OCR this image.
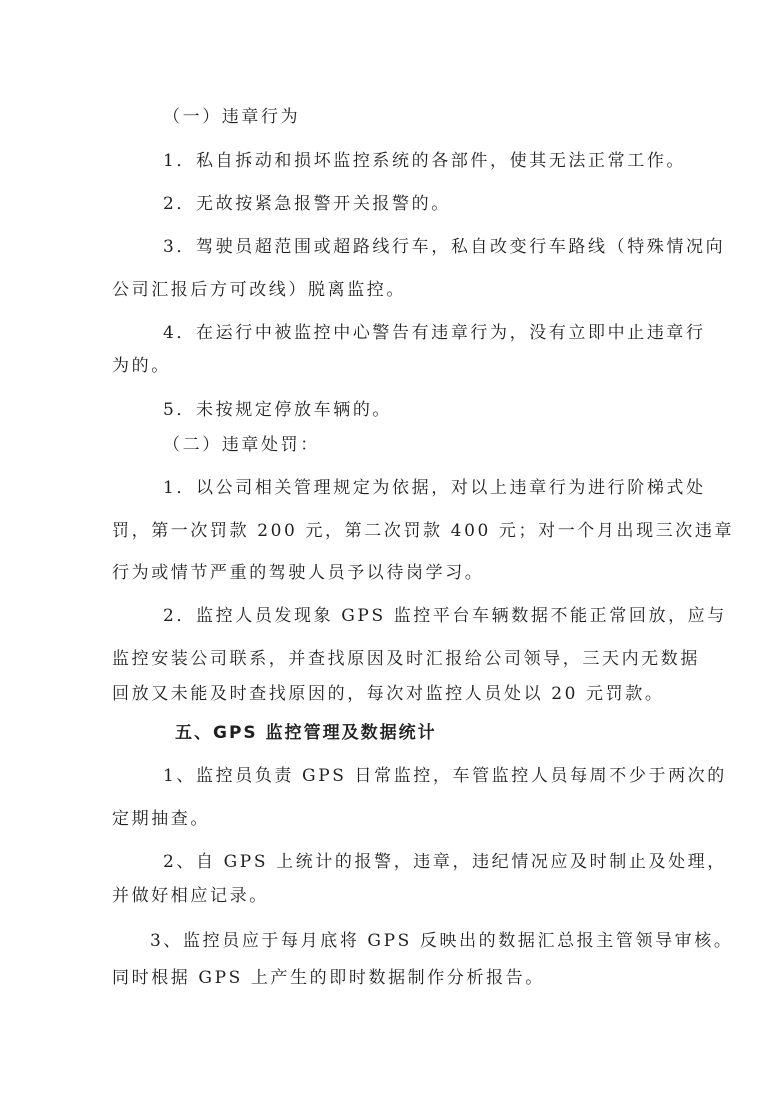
（一）违章行为
1．私自拆动和损坏监控系统的各部件，使其无法正常工作。
2．无故按紧急报警开关报警的。
3．驾驶员超范围或超路线行车，私自改变行车路线（特殊情况向
公司汇报后方可改线）脱离监控。
4．在运行中被监控中心警告有违章行为，没有立即中止违章行
为的。
5．未按规定停放车辆的。
（二）违章处罚：
1．以公司相关管理规定为依据，对以上违章行为进行阶梯式处
罚，第一次罚款 200 元，第二次罚款 400 元；对一个月出现三次违章
行为或情节严重的驾驶人员予以待岗学习。
2．监控人员发现象 GPS 监控平台车辆数据不能正常回放，应与
监控安装公司联系，并查找原因及时汇报给公司领导，三天内无数据
回放又未能及时查找原因的，每次对监控人员处以 20 元罚款。
五、GPS 监控管理及数据统计
1、监控员负责 GPS 日常监控，车管监控人员每周不少于两次的
定期抽查。
2、自 GPS 上统计的报警，违章，违纪情况应及时制止及处理，
并做好相应记录。
3、监控员应于每月底将 GPS 反映出的数据汇总报主管领导审核。
同时根据 GPS 上产生的即时数据制作分析报告。
